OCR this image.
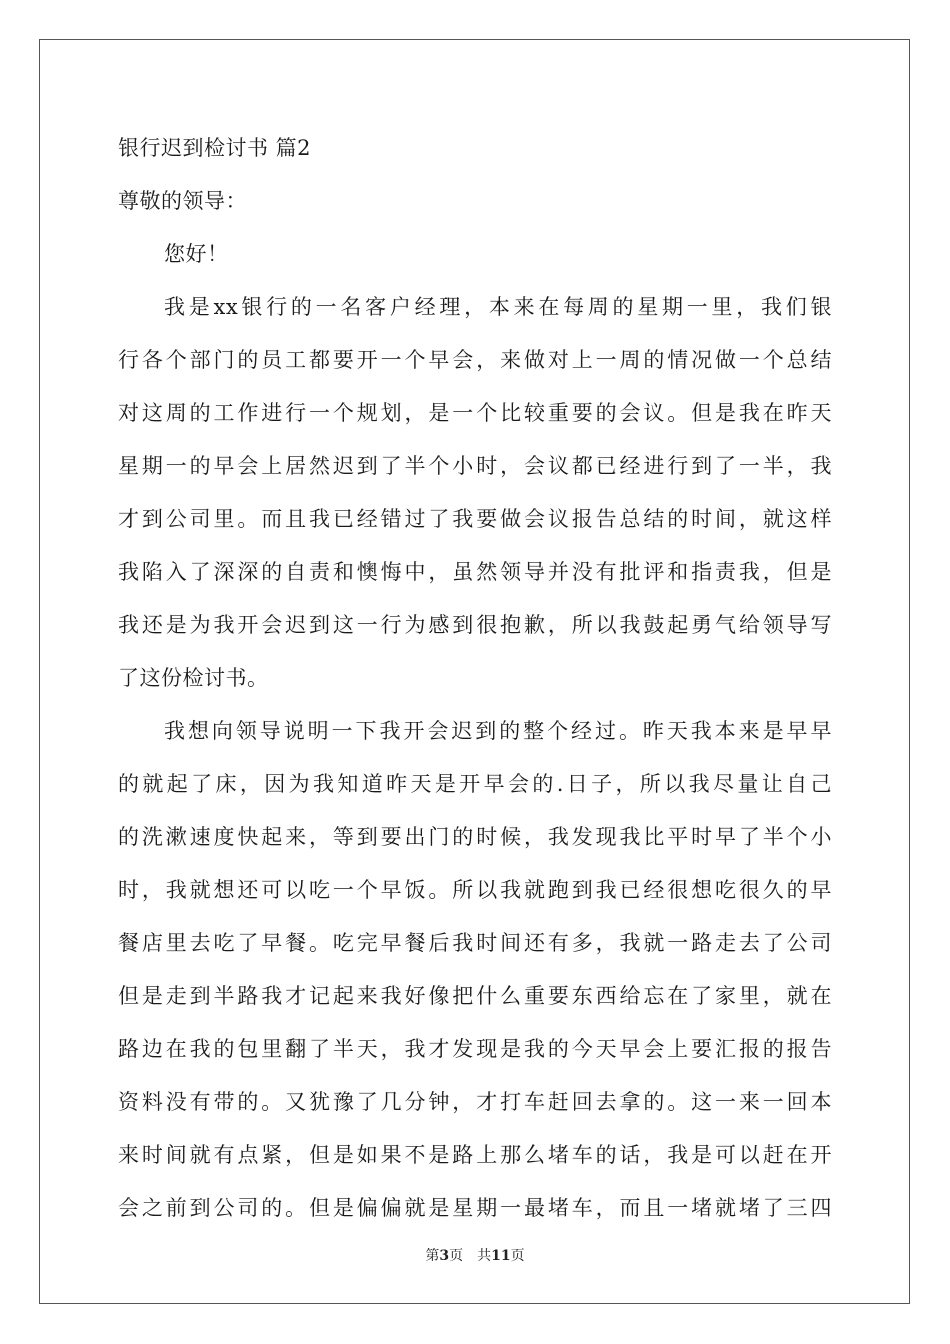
银行迟到检讨书 篇2
尊敬的领导：
您好！
我是xx银行的一名客户经理，本来在每周的星期一里，我们银
行各个部门的员工都要开一个早会，来做对上一周的情况做一个总结
对这周的工作进行一个规划，是一个比较重要的会议。但是我在昨天
星期一的早会上居然迟到了半个小时，会议都已经进行到了一半，我
才到公司里。而且我已经错过了我要做会议报告总结的时间，就这样
我陷入了深深的自责和懊悔中，虽然领导并没有批评和指责我，但是
我还是为我开会迟到这一行为感到很抱歉，所以我鼓起勇气给领导写
了这份检讨书。
我想向领导说明一下我开会迟到的整个经过。昨天我本来是早早
的就起了床，因为我知道昨天是开早会的.日子，所以我尽量让自己
的洗漱速度快起来，等到要出门的时候，我发现我比平时早了半个小
时，我就想还可以吃一个早饭。所以我就跑到我已经很想吃很久的早
餐店里去吃了早餐。吃完早餐后我时间还有多，我就一路走去了公司
但是走到半路我才记起来我好像把什么重要东西给忘在了家里，就在
路边在我的包里翻了半天，我才发现是我的今天早会上要汇报的报告
资料没有带的。又犹豫了几分钟，才打车赶回去拿的。这一来一回本
来时间就有点紧，但是如果不是路上那么堵车的话，我是可以赶在开
会之前到公司的。但是偏偏就是星期一最堵车，而且一堵就堵了三四
第3页　共11页
